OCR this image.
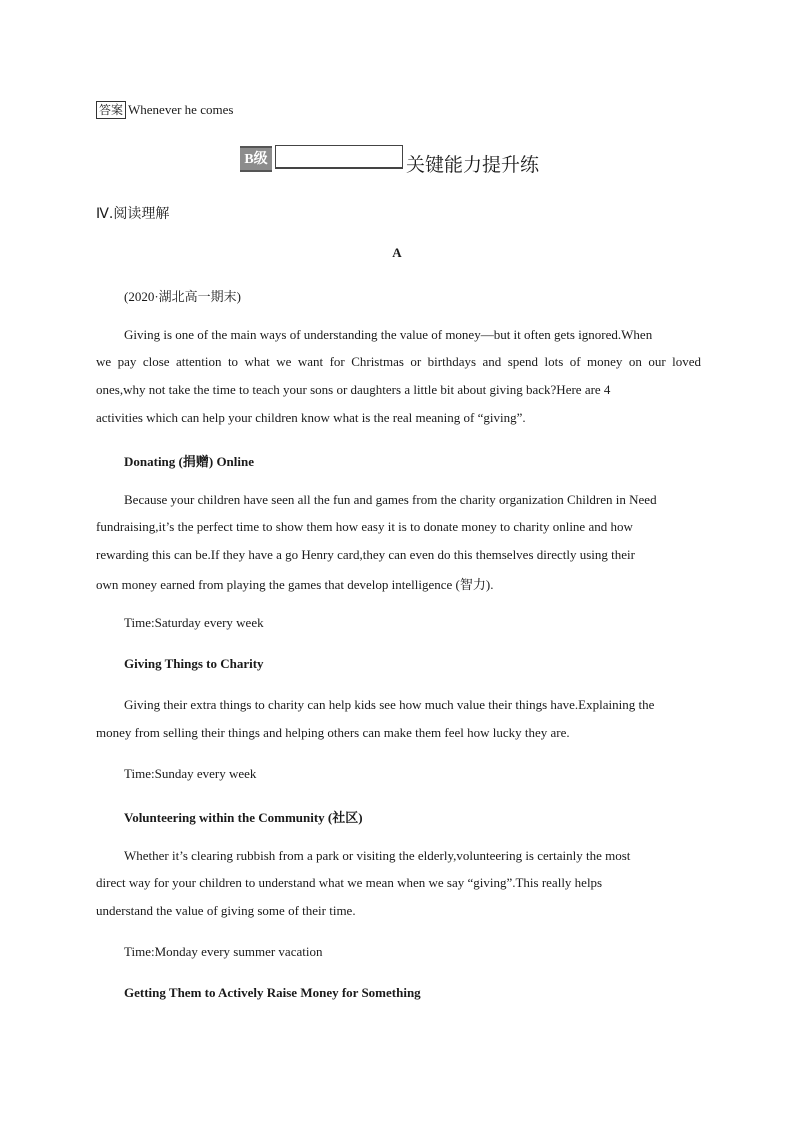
答案 Whenever he comes
B级	关键能力提升练
Ⅳ.阅读理解
A
(2020·湖北高一期末)
Giving is one of the main ways of understanding the value of money—but it often gets ignored.When
we pay close attention to what we want for Christmas or birthdays and spend lots of money on our loved
ones,why not take the time to teach your sons or daughters a little bit about giving back?Here are 4
activities which can help your children know what is the real meaning of “giving”.
Donating (捐赠) Online
Because your children have seen all the fun and games from the charity organization Children in Need
fundraising,it’s the perfect time to show them how easy it is to donate money to charity online and how
rewarding this can be.If they have a go Henry card,they can even do this themselves directly using their
own money earned from playing the games that develop intelligence (智力).
Time:Saturday every week
Giving Things to Charity
Giving their extra things to charity can help kids see how much value their things have.Explaining the
money from selling their things and helping others can make them feel how lucky they are.
Time:Sunday every week
Volunteering within the Community (社区)
Whether it’s clearing rubbish from a park or visiting the elderly,volunteering is certainly the most
direct way for your children to understand what we mean when we say “giving”.This really helps
understand the value of giving some of their time.
Time:Monday every summer vacation
Getting Them to Actively Raise Money for Something
